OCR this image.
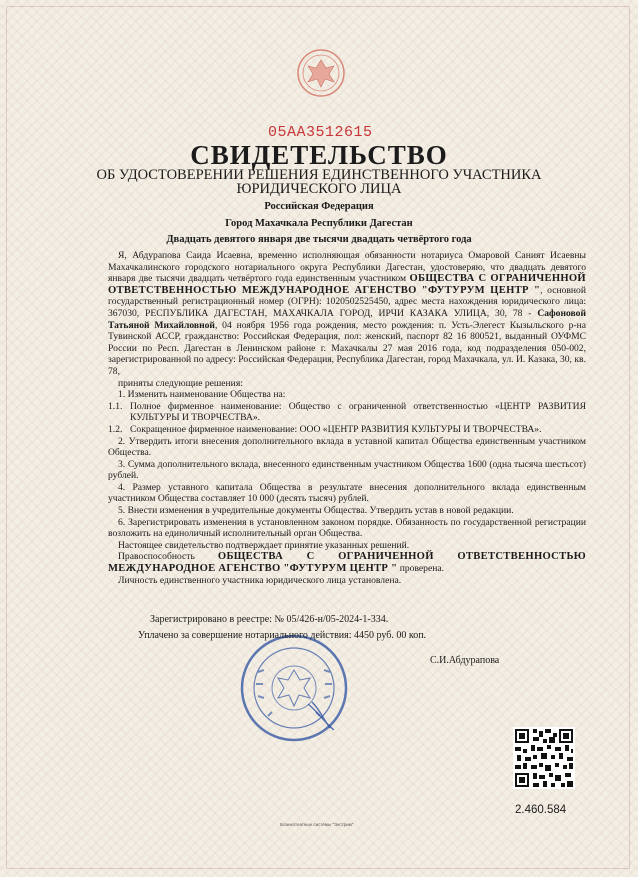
05АА3512615
СВИДЕТЕЛЬСТВО
ОБ УДОСТОВЕРЕНИИ РЕШЕНИЯ ЕДИНСТВЕННОГО УЧАСТНИКА
ЮРИДИЧЕСКОГО ЛИЦА
Российская Федерация
Город Махачкала Республики Дагестан
Двадцать девятого января две тысячи двадцать четвёртого года

Я, Абдурапова Саида Исаевна, временно исполняющая обязанности нотариуса Омаровой Саният Исаевны Махачкалинского городского нотариального округа Республики Дагестан, удостоверяю, что двадцать девятого января две тысячи двадцать четвёртого года единственным участником ОБЩЕСТВА С ОГРАНИЧЕННОЙ ОТВЕТСТВЕННОСТЬЮ МЕЖДУНАРОДНОЕ АГЕНСТВО "ФУТУРУМ ЦЕНТР ", основной государственный регистрационный номер (ОГРН): 1020502525450, адрес места нахождения юридического лица: 367030, РЕСПУБЛИКА ДАГЕСТАН, МАХАЧКАЛА ГОРОД, ИРЧИ КАЗАКА УЛИЦА, 30, 78 - Сафоновой Татьяной Михайловной, 04 ноября 1956 года рождения, место рождения: п. Усть-Элегест Кызыльского р-на Тувинской АССР, гражданство: Российская Федерация, пол: женский, паспорт 82 16 800521, выданный ОУФМС России по Респ. Дагестан в Ленинском районе г. Махачкалы 27 мая 2016 года, код подразделения 050-002, зарегистрированной по адресу: Российская Федерация, Республика Дагестан, город Махачкала, ул. И. Казака, 30, кв. 78,

приняты следующие решения:

1. Изменить наименование Общества на:

1.1. Полное фирменное наименование: Общество с ограниченной ответственностью «ЦЕНТР РАЗВИТИЯ КУЛЬТУРЫ И ТВОРЧЕСТВА».
1.2. Сокращенное фирменное наименование: ООО «ЦЕНТР РАЗВИТИЯ КУЛЬТУРЫ И ТВОРЧЕСТВА».

2. Утвердить итоги внесения дополнительного вклада в уставной капитал Общества единственным участником Общества.

3. Сумма дополнительного вклада, внесенного единственным участником Общества 1600 (одна тысяча шестьсот) рублей.

4. Размер уставного капитала Общества в результате внесения дополнительного вклада единственным участником Общества составляет 10 000 (десять тысяч) рублей.

5. Внести изменения в учредительные документы Общества. Утвердить устав в новой редакции.

6. Зарегистрировать изменения в установленном законом порядке. Обязанность по государственной регистрации возложить на единоличный исполнительный орган Общества.

Настоящее свидетельство подтверждает принятие указанных решений.

Правоспособность ОБЩЕСТВА С ОГРАНИЧЕННОЙ ОТВЕТСТВЕННОСТЬЮ МЕЖДУНАРОДНОЕ АГЕНСТВО "ФУТУРУМ ЦЕНТР " проверена.

Личность единственного участника юридического лица установлена.

Зарегистрировано в реестре: № 05/426-н/05-2024-1-334.
Уплачено за совершение нотариального действия: 4450 руб. 00 коп.
С.И.Абдурапова
2.460.584
Бланкотеатные системы "Экстрим"
